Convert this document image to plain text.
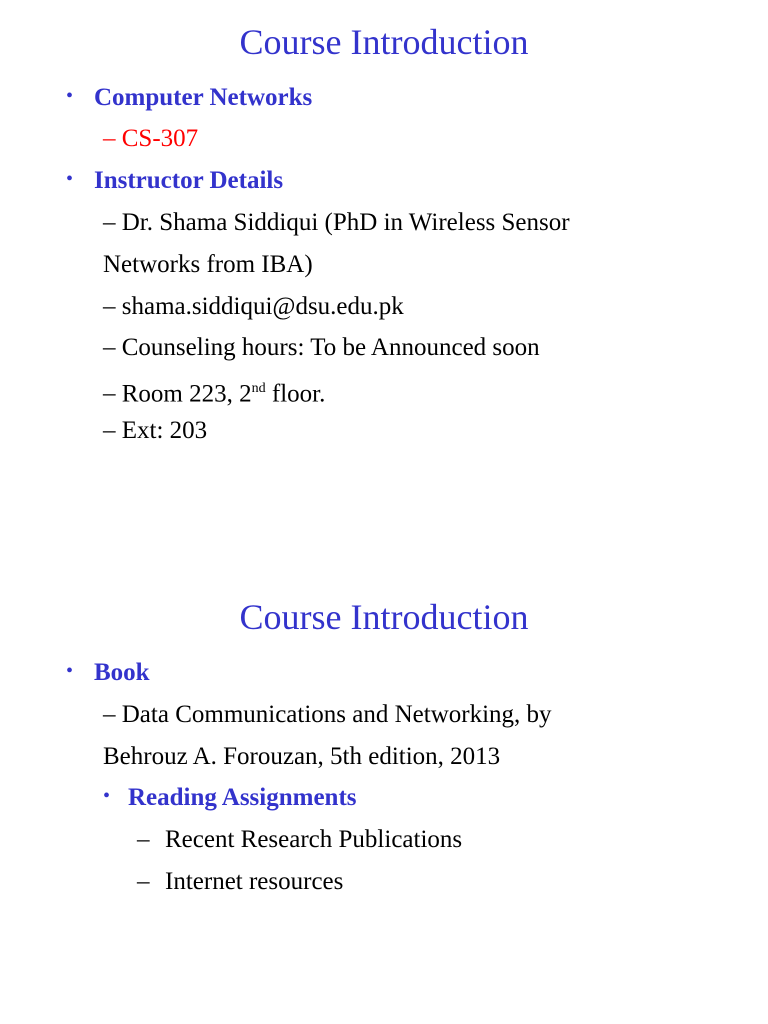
Course Introduction
• Computer Networks
– CS-307
• Instructor Details
– Dr. Shama Siddiqui (PhD in Wireless Sensor
Networks from IBA)
– shama.siddiqui@dsu.edu.pk
– Counseling hours: To be Announced soon
– Room 223, 2nd floor.
– Ext: 203
Course Introduction
• Book
– Data Communications and Networking, by
Behrouz A. Forouzan, 5th edition, 2013
• Reading Assignments
– Recent Research Publications
– Internet resources
